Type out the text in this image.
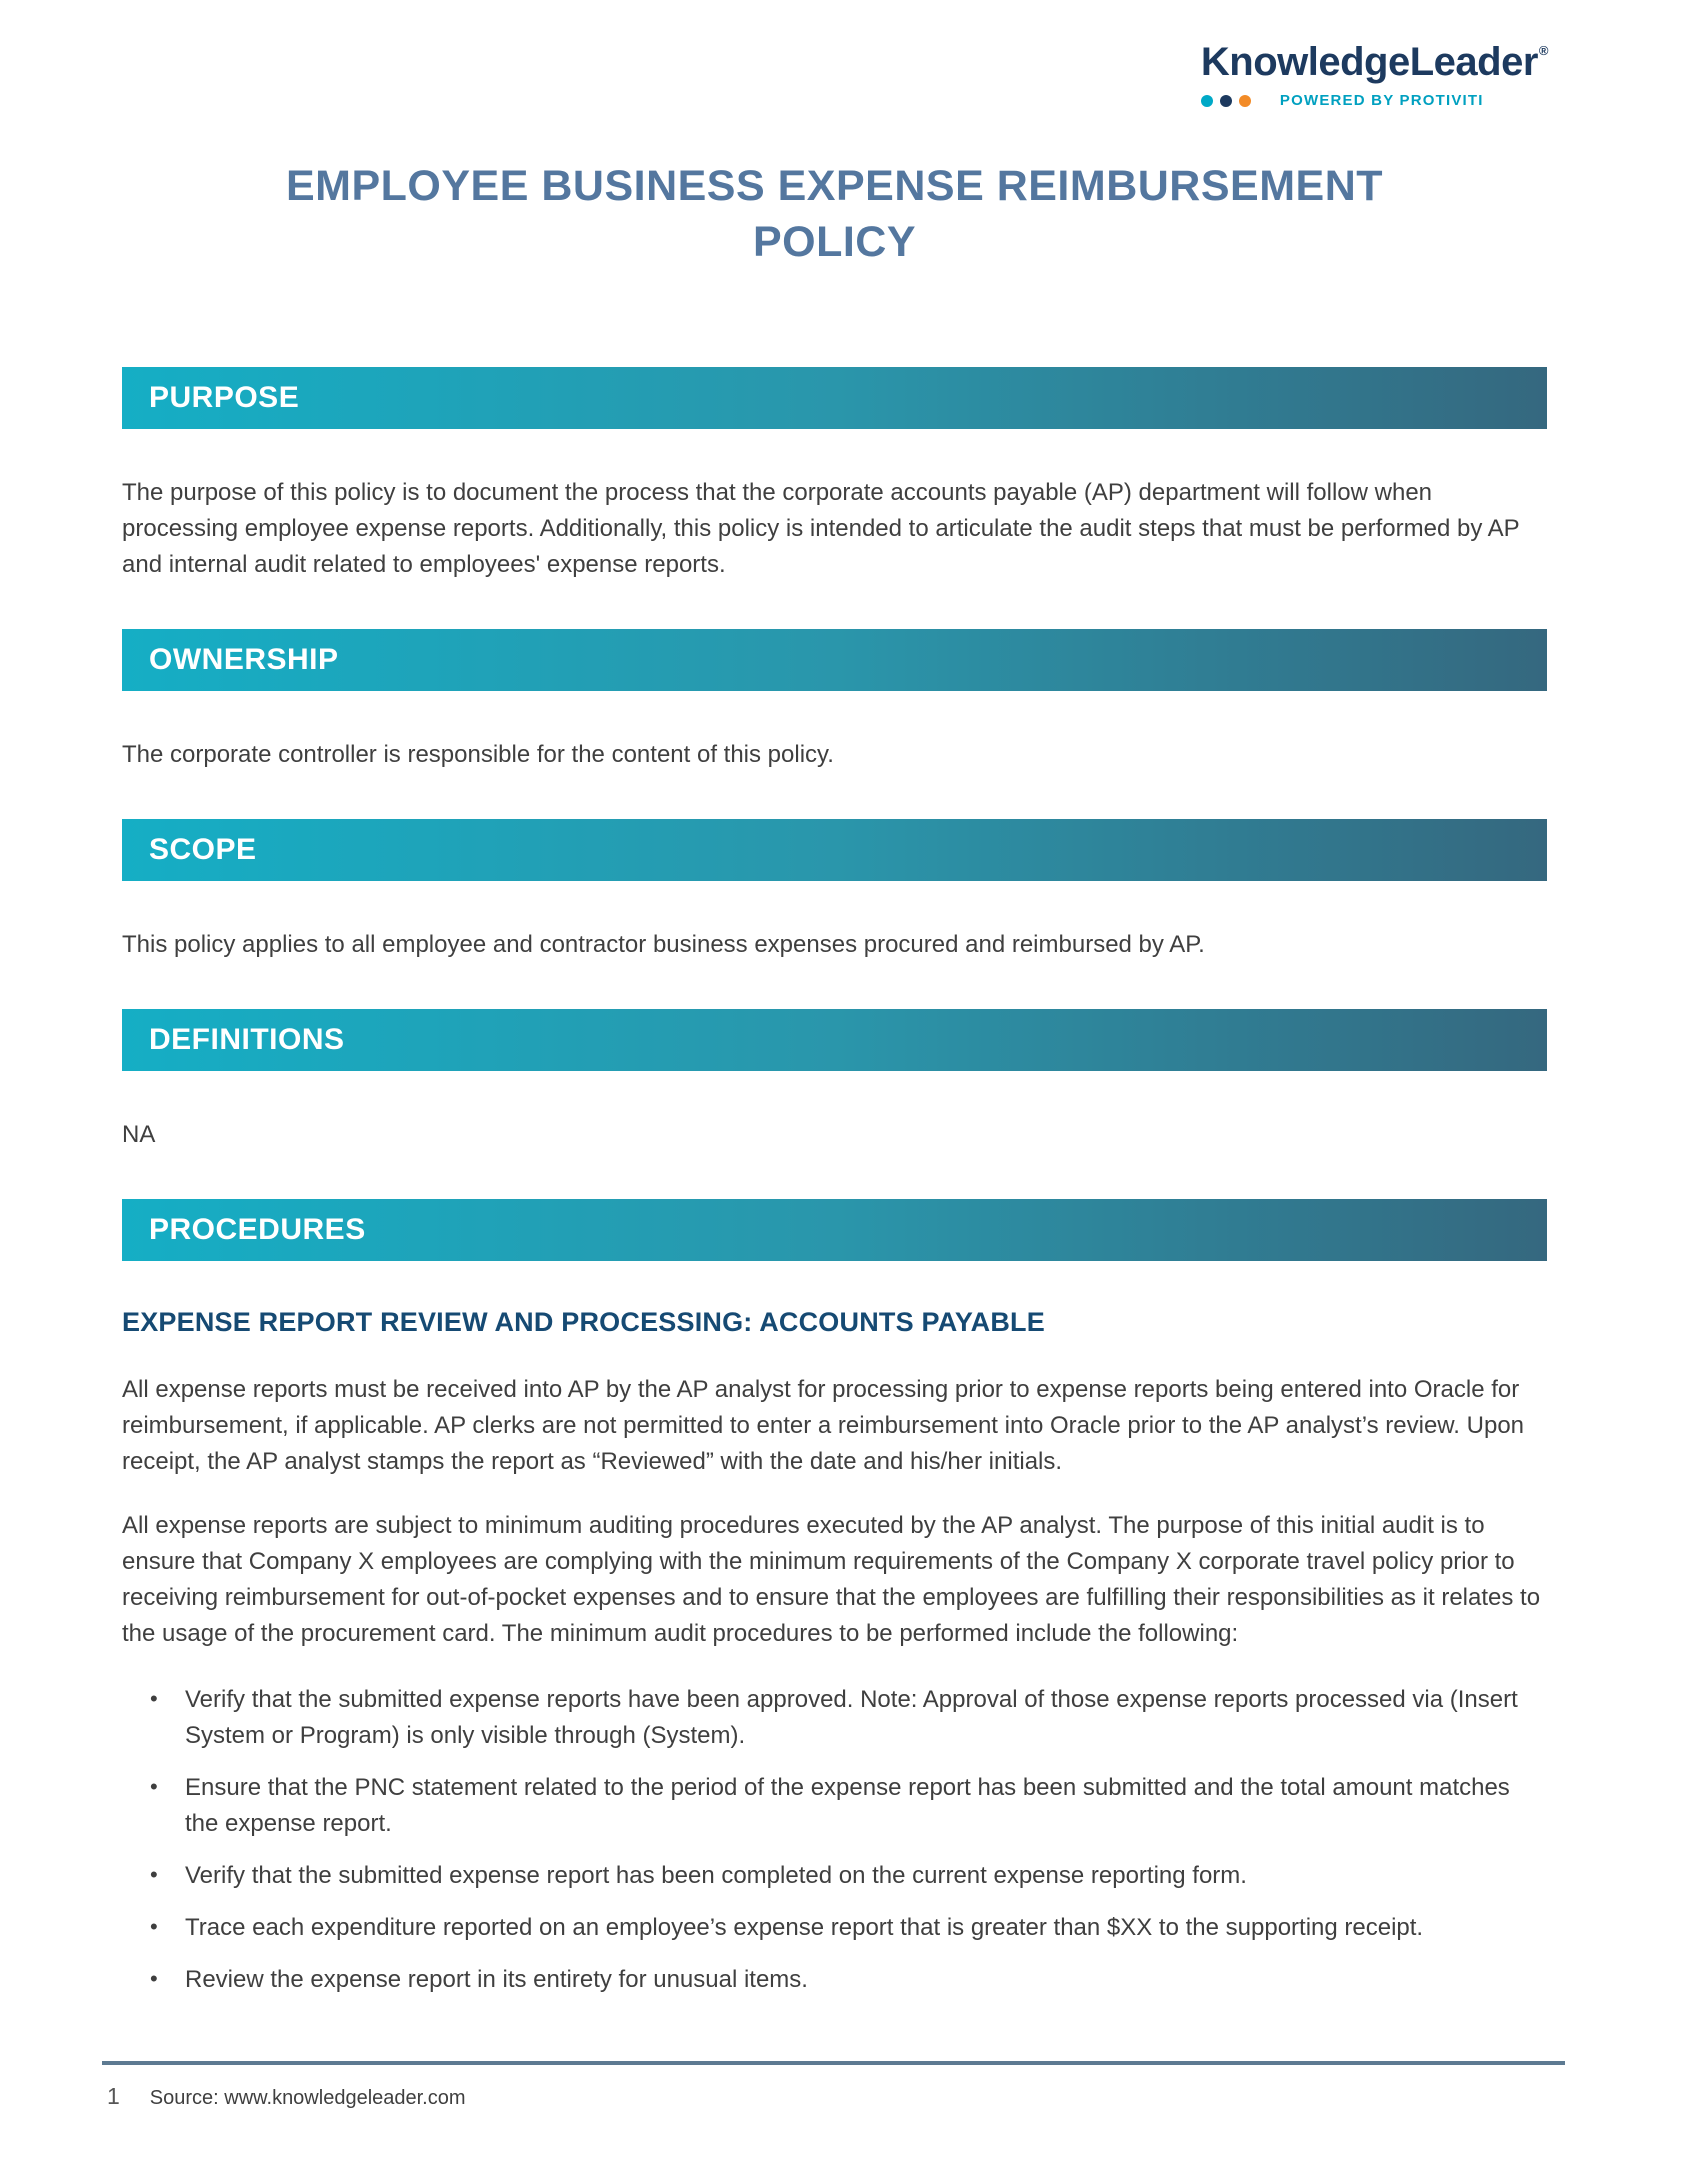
KnowledgeLeader®
POWERED BY PROTIVITI
EMPLOYEE BUSINESS EXPENSE REIMBURSEMENT
POLICY
PURPOSE

The purpose of this policy is to document the process that the corporate accounts payable (AP) department will follow when processing employee expense reports. Additionally, this policy is intended to articulate the audit steps that must be performed by AP and internal audit related to employees' expense reports.

OWNERSHIP

The corporate controller is responsible for the content of this policy.

SCOPE

This policy applies to all employee and contractor business expenses procured and reimbursed by AP.

DEFINITIONS

NA

PROCEDURES
EXPENSE REPORT REVIEW AND PROCESSING: ACCOUNTS PAYABLE

All expense reports must be received into AP by the AP analyst for processing prior to expense reports being entered into Oracle for reimbursement, if applicable. AP clerks are not permitted to enter a reimbursement into Oracle prior to the AP analyst’s review. Upon receipt, the AP analyst stamps the report as “Reviewed” with the date and his/her initials.

All expense reports are subject to minimum auditing procedures executed by the AP analyst. The purpose of this initial audit is to ensure that Company X employees are complying with the minimum requirements of the Company X corporate travel policy prior to receiving reimbursement for out-of-pocket expenses and to ensure that the employees are fulfilling their responsibilities as it relates to the usage of the procurement card. The minimum audit procedures to be performed include the following:

• Verify that the submitted expense reports have been approved. Note: Approval of those expense reports processed via (Insert System or Program) is only visible through (System).
• Ensure that the PNC statement related to the period of the expense report has been submitted and the total amount matches the expense report.
• Verify that the submitted expense report has been completed on the current expense reporting form.
• Trace each expenditure reported on an employee’s expense report that is greater than $XX to the supporting receipt.
• Review the expense report in its entirety for unusual items.
1 Source: www.knowledgeleader.com
